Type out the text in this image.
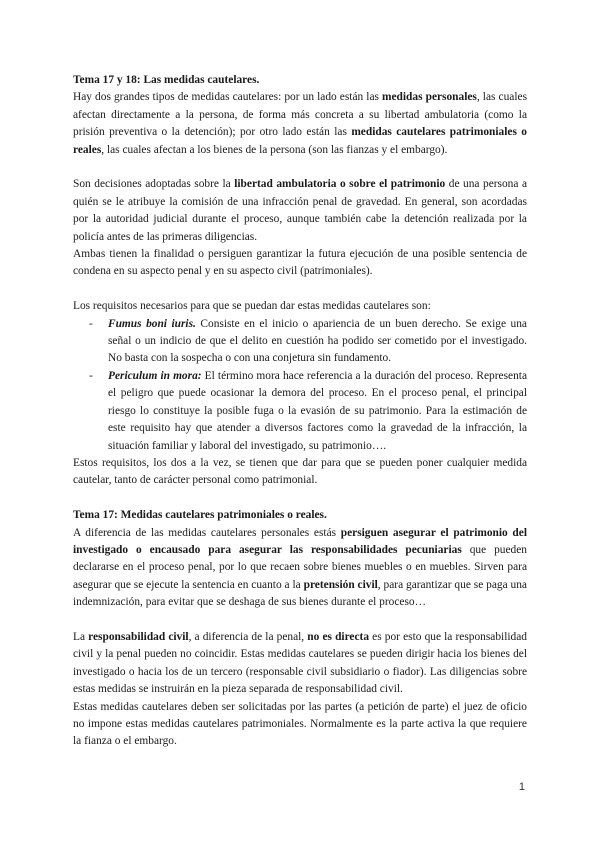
Tema 17 y 18: Las medidas cautelares.

Hay dos grandes tipos de medidas cautelares: por un lado están las medidas personales, las cuales afectan directamente a la persona, de forma más concreta a su libertad ambulatoria (como la prisión preventiva o la detención); por otro lado están las medidas cautelares patrimoniales o reales, las cuales afectan a los bienes de la persona (son las fianzas y el embargo).

Son decisiones adoptadas sobre la libertad ambulatoria o sobre el patrimonio de una persona a quién se le atribuye la comisión de una infracción penal de gravedad. En general, son acordadas por la autoridad judicial durante el proceso, aunque también cabe la detención realizada por la policía antes de las primeras diligencias.

Ambas tienen la finalidad o persiguen garantizar la futura ejecución de una posible sentencia de condena en su aspecto penal y en su aspecto civil (patrimoniales).

Los requisitos necesarios para que se puedan dar estas medidas cautelares son:

- Fumus boni iuris. Consiste en el inicio o apariencia de un buen derecho. Se exige una señal o un indicio de que el delito en cuestión ha podido ser cometido por el investigado. No basta con la sospecha o con una conjetura sin fundamento.
- Periculum in mora: El término mora hace referencia a la duración del proceso. Representa el peligro que puede ocasionar la demora del proceso. En el proceso penal, el principal riesgo lo constituye la posible fuga o la evasión de su patrimonio. Para la estimación de este requisito hay que atender a diversos factores como la gravedad de la infracción, la situación familiar y laboral del investigado, su patrimonio….

Estos requisitos, los dos a la vez, se tienen que dar para que se pueden poner cualquier medida cautelar, tanto de carácter personal como patrimonial.

Tema 17: Medidas cautelares patrimoniales o reales.

A diferencia de las medidas cautelares personales estás persiguen asegurar el patrimonio del investigado o encausado para asegurar las responsabilidades pecuniarias que pueden declararse en el proceso penal, por lo que recaen sobre bienes muebles o en muebles. Sirven para asegurar que se ejecute la sentencia en cuanto a la pretensión civil, para garantizar que se paga una indemnización, para evitar que se deshaga de sus bienes durante el proceso…

La responsabilidad civil, a diferencia de la penal, no es directa es por esto que la responsabilidad civil y la penal pueden no coincidir. Estas medidas cautelares se pueden dirigir hacia los bienes del investigado o hacia los de un tercero (responsable civil subsidiario o fiador). Las diligencias sobre estas medidas se instruirán en la pieza separada de responsabilidad civil.

Estas medidas cautelares deben ser solicitadas por las partes (a petición de parte) el juez de oficio no impone estas medidas cautelares patrimoniales. Normalmente es la parte activa la que requiere la fianza o el embargo.

1
